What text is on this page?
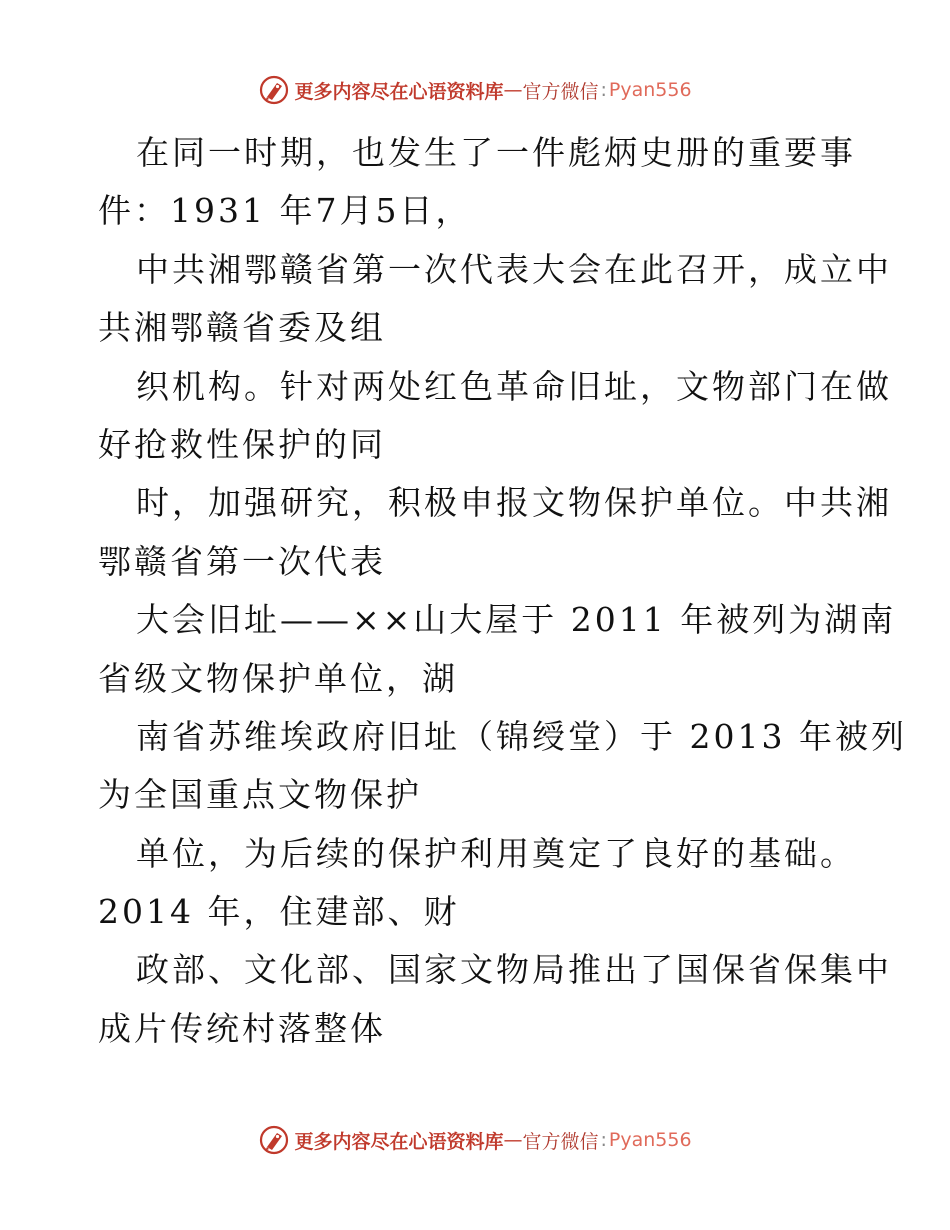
更多内容尽在心语资料库 — 官方微信 : Pyan556
在同一时期，也发生了一件彪炳史册的重要事
件：1931 年7月5日，
中共湘鄂赣省第一次代表大会在此召开，成立中
共湘鄂赣省委及组
织机构。针对两处红色革命旧址，文物部门在做
好抢救性保护的同
时，加强研究，积极申报文物保护单位。中共湘
鄂赣省第一次代表
大会旧址——××山大屋于 2011 年被列为湖南
省级文物保护单位，湖
南省苏维埃政府旧址（锦绶堂）于 2013 年被列
为全国重点文物保护
单位，为后续的保护利用奠定了良好的基础。
2014 年，住建部、财
政部、文化部、国家文物局推出了国保省保集中
成片传统村落整体
更多内容尽在心语资料库 — 官方微信 : Pyan556
